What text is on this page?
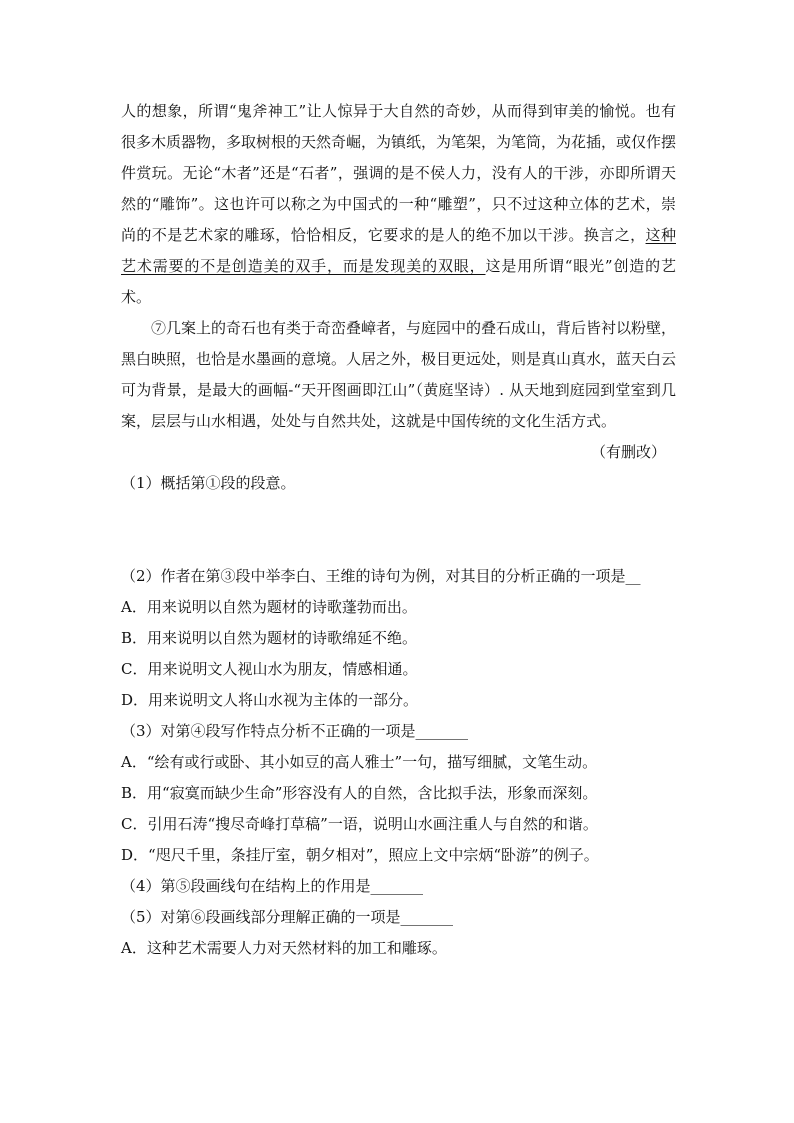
人的想象，所谓“鬼斧神工”让人惊异于大自然的奇妙，从而得到审美的愉悦。也有很多木质器物，多取树根的天然奇崛，为镇纸，为笔架，为笔筒，为花插，或仅作摆件赏玩。无论“木者”还是“石者”，强调的是不侯人力，没有人的干涉，亦即所谓天然的“雕饰”。这也许可以称之为中国式的一种“雕塑”，只不过这种立体的艺术，崇尚的不是艺术家的雕琢，恰恰相反，它要求的是人的绝不加以干涉。换言之，这种艺术需要的不是创造美的双手，而是发现美的双眼，这是用所谓“眼光”创造的艺术。

⑦几案上的奇石也有类于奇峦叠嶂者，与庭园中的叠石成山，背后皆衬以粉壁，黑白映照，也恰是水墨画的意境。人居之外，极目更远处，则是真山真水，蓝天白云可为背景，是最大的画幅-“天开图画即江山”（黄庭坚诗）. 从天地到庭园到堂室到几案，层层与山水相遇，处处与自然共处，这就是中国传统的文化生活方式。

（有删改）

（1）概括第①段的段意。

（2）作者在第③段中举李白、王维的诗句为例，对其目的分析正确的一项是__

A．用来说明以自然为题材的诗歌蓬勃而出。

B．用来说明以自然为题材的诗歌绵延不绝。

C．用来说明文人视山水为朋友，情感相通。

D．用来说明文人将山水视为主体的一部分。

（3）对第④段写作特点分析不正确的一项是_______

A．“绘有或行或卧、其小如豆的高人雅士”一句，描写细腻，文笔生动。

B．用“寂寞而缺少生命”形容没有人的自然，含比拟手法，形象而深刻。

C．引用石涛“搜尽奇峰打草稿”一语，说明山水画注重人与自然的和谐。

D．“咫尺千里，条挂厅室，朝夕相对”，照应上文中宗炳“卧游”的例子。

（4）第⑤段画线句在结构上的作用是_______

（5）对第⑥段画线部分理解正确的一项是_______

A．这种艺术需要人力对天然材料的加工和雕琢。
